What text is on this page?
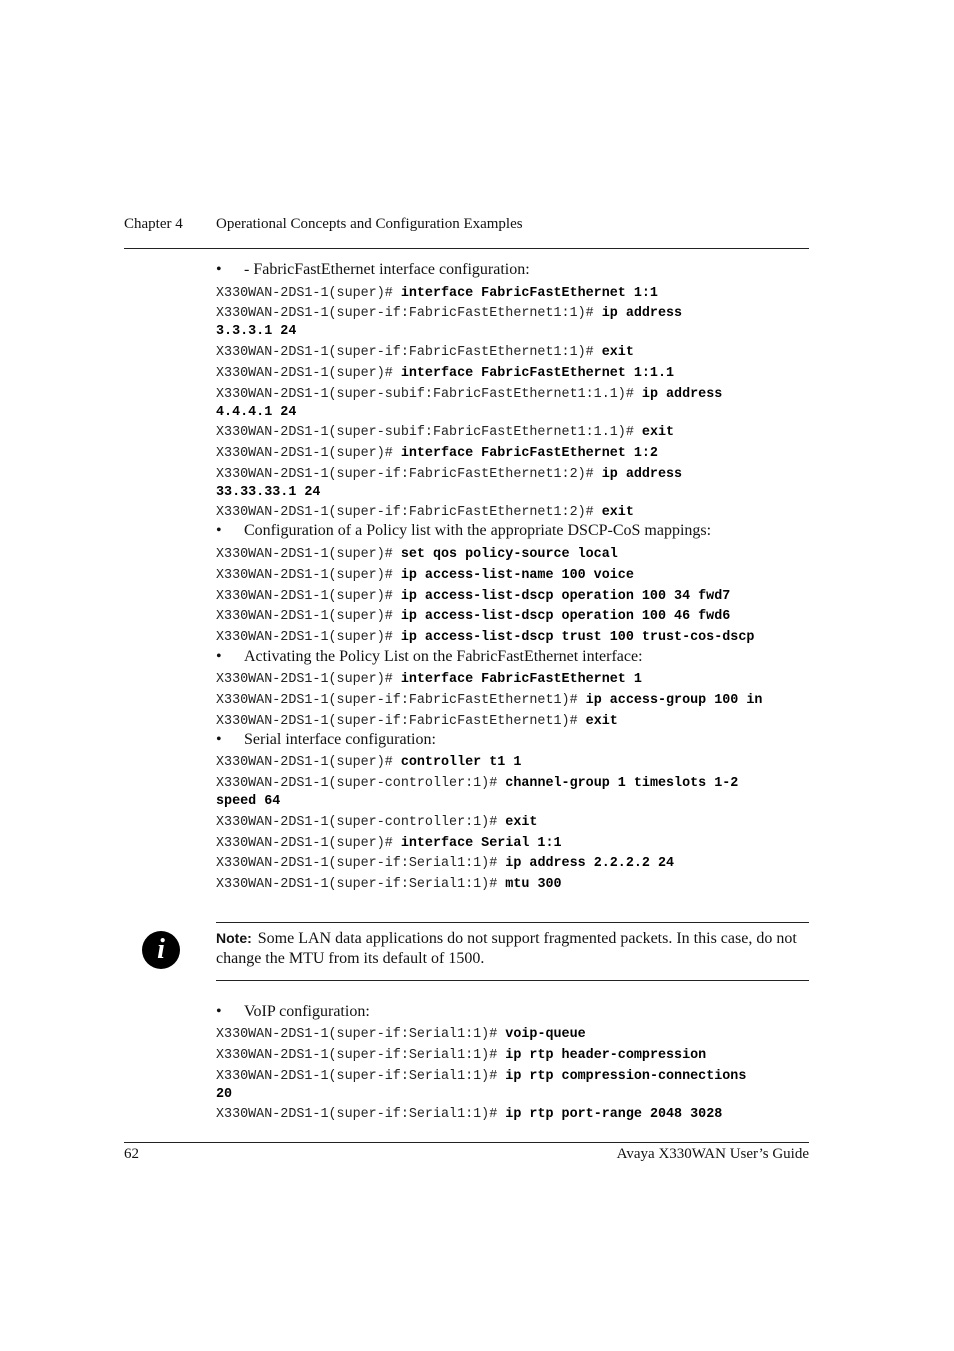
Chapter 4 Operational Concepts and Configuration Examples
• - FabricFastEthernet interface configuration:
X330WAN-2DS1-1(super)# interface FabricFastEthernet 1:1
X330WAN-2DS1-1(super-if:FabricFastEthernet1:1)# ip address
3.3.3.1 24
X330WAN-2DS1-1(super-if:FabricFastEthernet1:1)# exit
X330WAN-2DS1-1(super)# interface FabricFastEthernet 1:1.1
X330WAN-2DS1-1(super-subif:FabricFastEthernet1:1.1)# ip address
4.4.4.1 24
X330WAN-2DS1-1(super-subif:FabricFastEthernet1:1.1)# exit
X330WAN-2DS1-1(super)# interface FabricFastEthernet 1:2
X330WAN-2DS1-1(super-if:FabricFastEthernet1:2)# ip address
33.33.33.1 24
X330WAN-2DS1-1(super-if:FabricFastEthernet1:2)# exit
• Configuration of a Policy list with the appropriate DSCP-CoS mappings:
X330WAN-2DS1-1(super)# set qos policy-source local
X330WAN-2DS1-1(super)# ip access-list-name 100 voice
X330WAN-2DS1-1(super)# ip access-list-dscp operation 100 34 fwd7
X330WAN-2DS1-1(super)# ip access-list-dscp operation 100 46 fwd6
X330WAN-2DS1-1(super)# ip access-list-dscp trust 100 trust-cos-dscp
• Activating the Policy List on the FabricFastEthernet interface:
X330WAN-2DS1-1(super)# interface FabricFastEthernet 1
X330WAN-2DS1-1(super-if:FabricFastEthernet1)# ip access-group 100 in
X330WAN-2DS1-1(super-if:FabricFastEthernet1)# exit
• Serial interface configuration:
X330WAN-2DS1-1(super)# controller t1 1
X330WAN-2DS1-1(super-controller:1)# channel-group 1 timeslots 1-2
speed 64
X330WAN-2DS1-1(super-controller:1)# exit
X330WAN-2DS1-1(super)# interface Serial 1:1
X330WAN-2DS1-1(super-if:Serial1:1)# ip address 2.2.2.2 24
X330WAN-2DS1-1(super-if:Serial1:1)# mtu 300
i	Note: Some LAN data applications do not support fragmented packets. In this case, do not change the MTU from its default of 1500.
• VoIP configuration:
X330WAN-2DS1-1(super-if:Serial1:1)# voip-queue
X330WAN-2DS1-1(super-if:Serial1:1)# ip rtp header-compression
X330WAN-2DS1-1(super-if:Serial1:1)# ip rtp compression-connections
20
X330WAN-2DS1-1(super-if:Serial1:1)# ip rtp port-range 2048 3028
62	Avaya X330WAN User’s Guide
